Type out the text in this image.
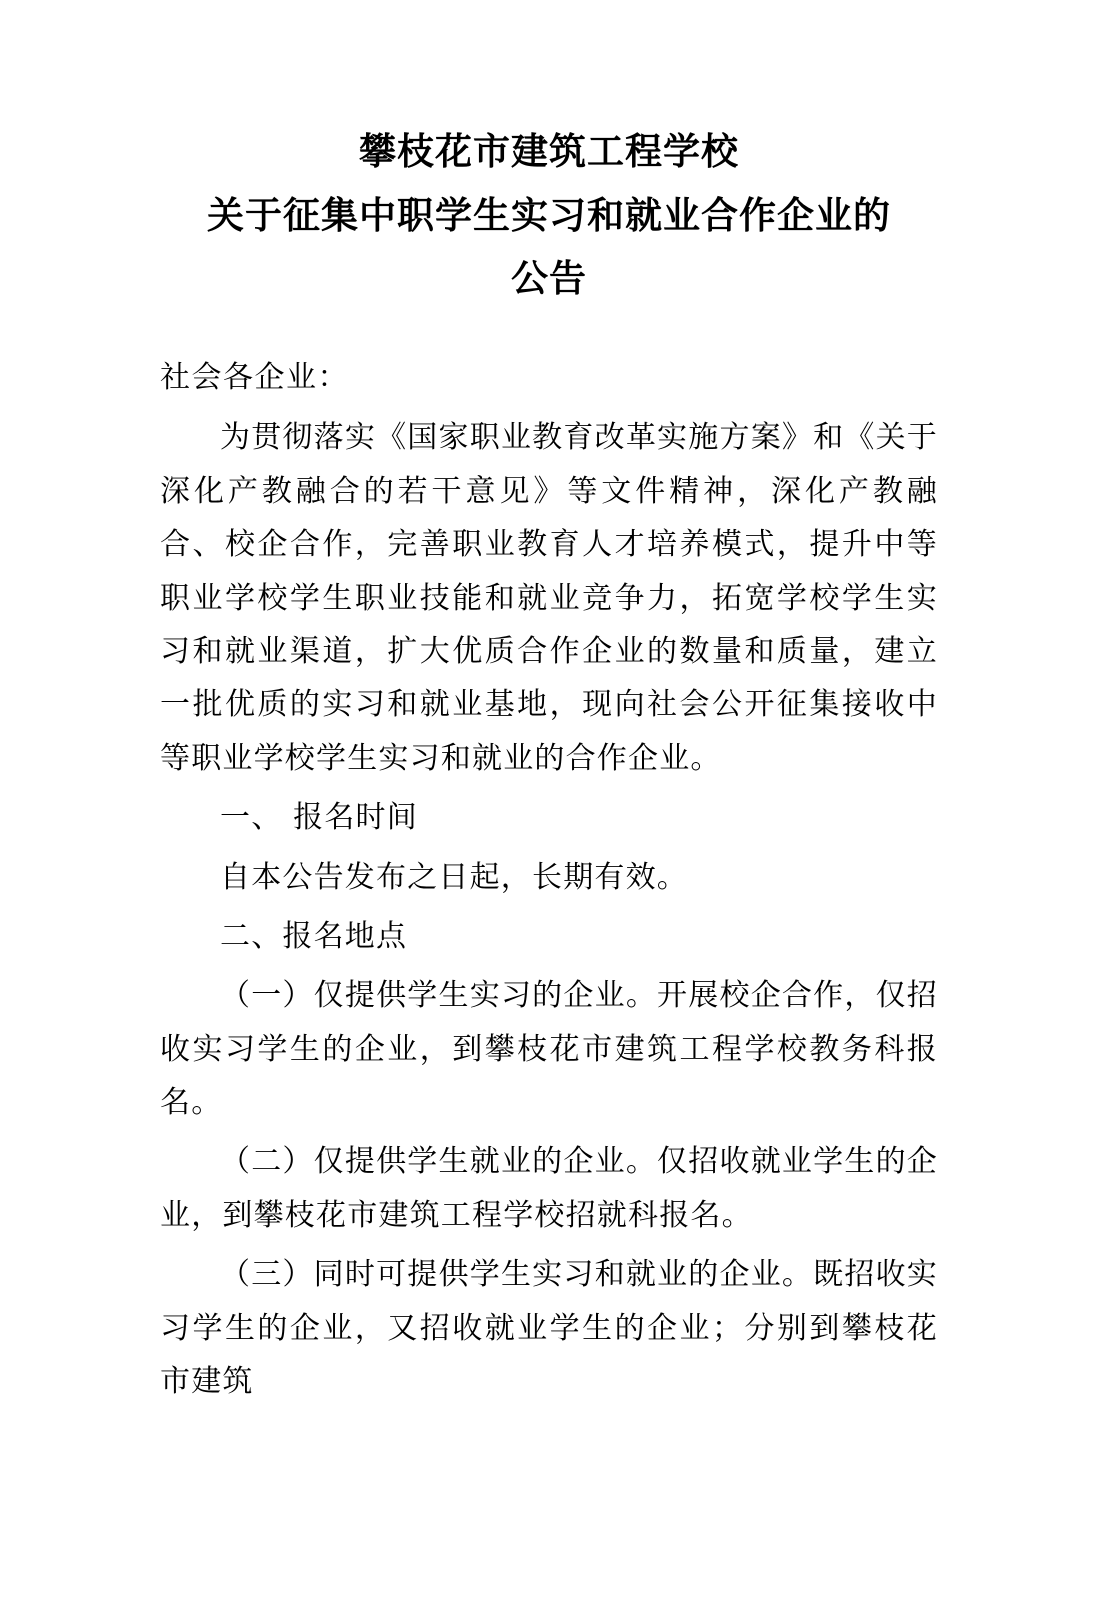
攀枝花市建筑工程学校
关于征集中职学生实习和就业合作企业的
公告
社会各企业：

为贯彻落实《国家职业教育改革实施方案》和《关于深化产教融合的若干意见》等文件精神，深化产教融合、校企合作，完善职业教育人才培养模式，提升中等职业学校学生职业技能和就业竞争力，拓宽学校学生实习和就业渠道，扩大优质合作企业的数量和质量，建立一批优质的实习和就业基地，现向社会公开征集接收中等职业学校学生实习和就业的合作企业。

一、 报名时间

自本公告发布之日起，长期有效。

二、报名地点

（一）仅提供学生实习的企业。开展校企合作，仅招收实习学生的企业，到攀枝花市建筑工程学校教务科报名。

（二）仅提供学生就业的企业。仅招收就业学生的企业，到攀枝花市建筑工程学校招就科报名。

（三）同时可提供学生实习和就业的企业。既招收实习学生的企业，又招收就业学生的企业；分别到攀枝花市建筑
